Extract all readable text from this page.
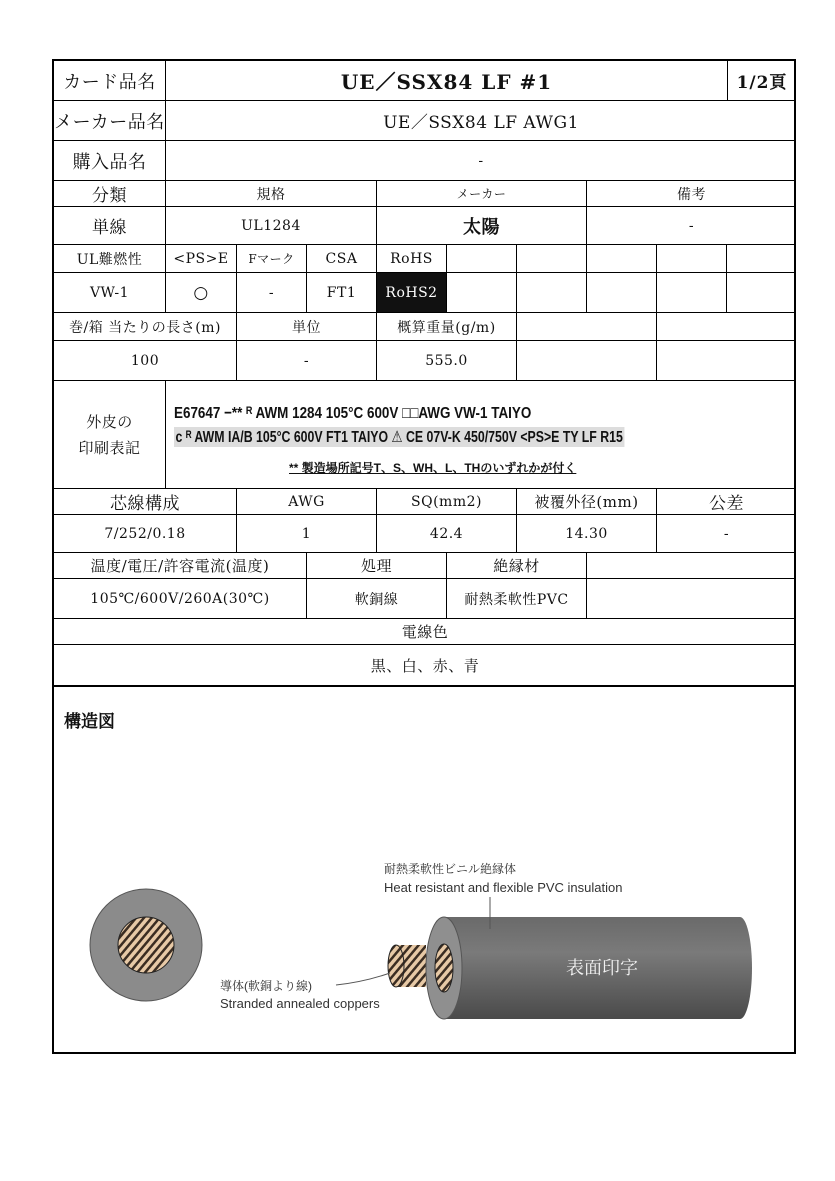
カード品名	UE／SSX84 LF #1	1/2頁
メーカー品名	UE／SSX84 LF AWG1
購入品名	-
分類	規格	メーカー	備考
単線	UL1284	太陽	-
UL難燃性	<PS>E	Fマーク	CSA	RoHS
VW-1	○	-	FT1	RoHS2
巻/箱 当たりの長さ(m)	単位	概算重量(g/m)
100	-	555.0
外皮の
印刷表記
E67647 −** ᴿ AWM 1284 105°C 600V □□AWG VW-1 TAIYO
c ᴿ AWM IA/B 105°C 600V FT1 TAIYO ⚠ CE 07V-K 450/750V <PS>E TY LF R15
** 製造場所記号T、S、WH、L、THのいずれかが付く
芯線構成	AWG	SQ(mm2)	被覆外径(mm)	公差
7/252/0.18	1	42.4	14.30	-
温度/電圧/許容電流(温度)	処理	絶縁材
105℃/600V/260A(30℃)	軟銅線	耐熱柔軟性PVC
電線色
黒、白、赤、青
構造図
耐熱柔軟性ビニル絶縁体
Heat resistant and flexible PVC insulation
導体(軟銅より線)
Stranded annealed coppers
表面印字
